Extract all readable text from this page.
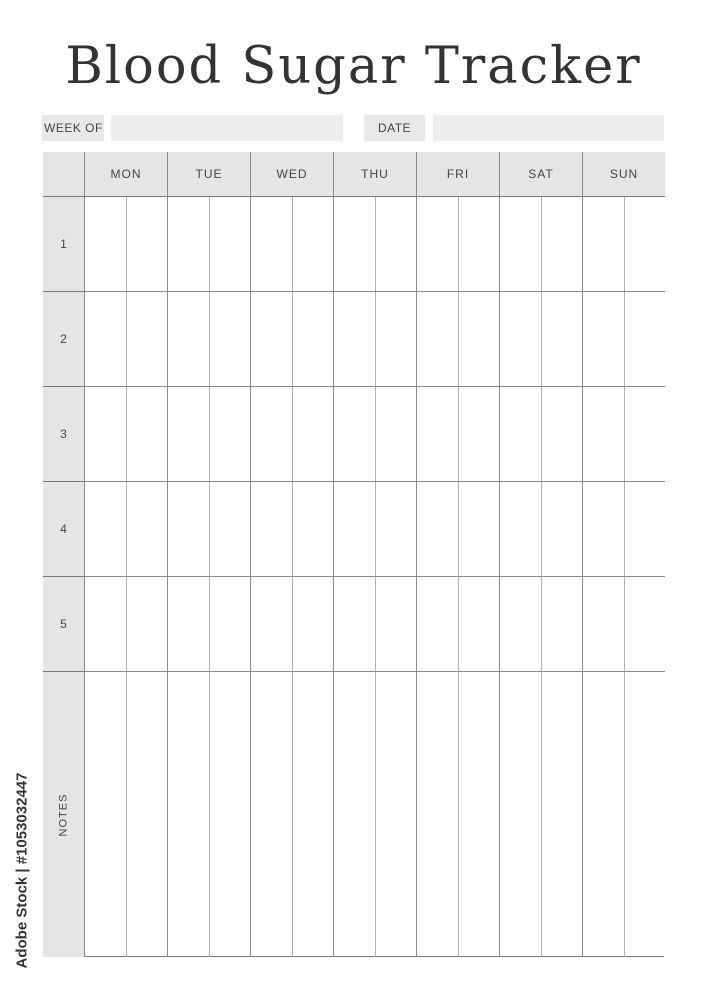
Blood Sugar Tracker
WEEK OF	DATE
MON	TUE	WED	THU	FRI	SAT	SUN
1
2
3
4
5
NOTES
Adobe Stock | #1053032447
